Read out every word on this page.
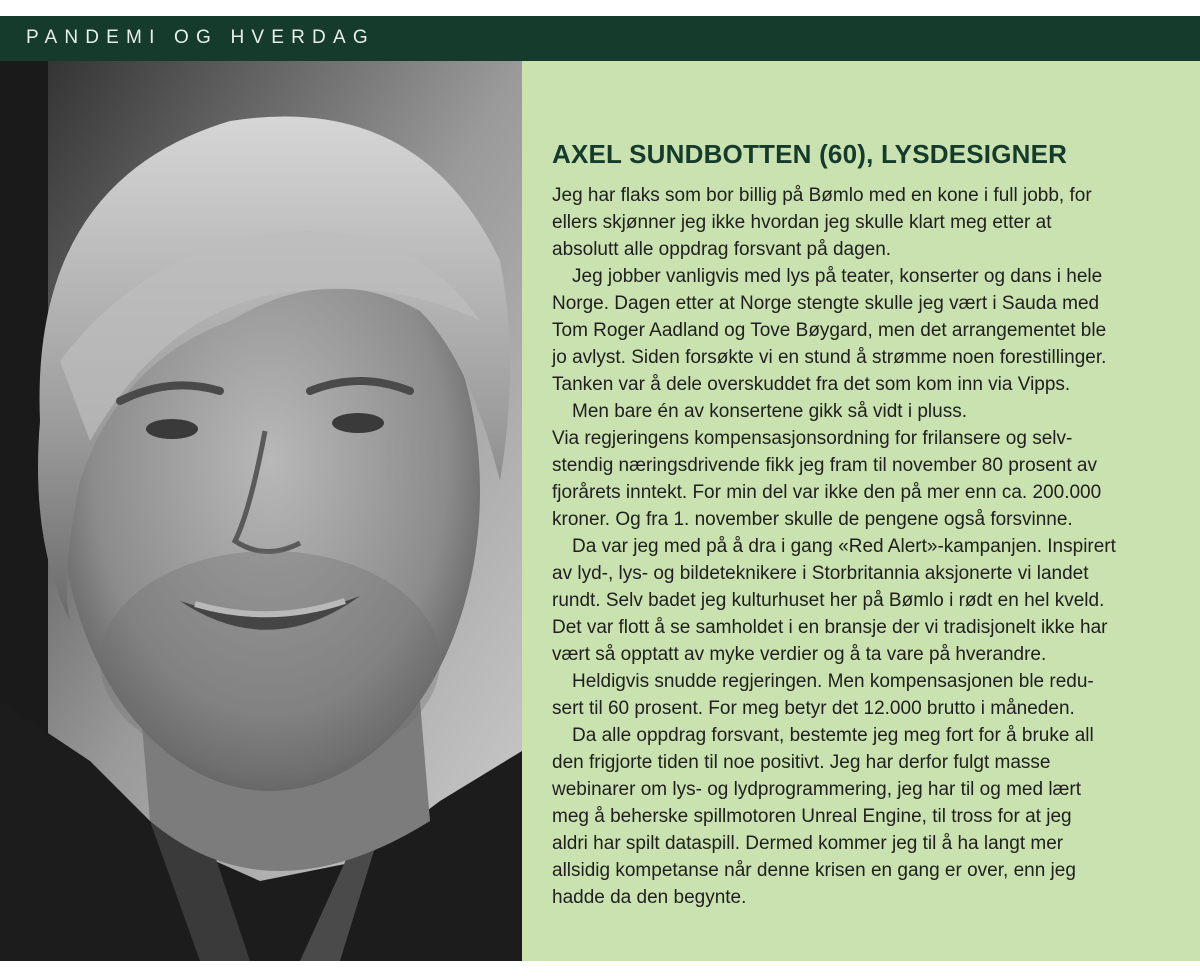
PANDEMI OG HVERDAG
AXEL SUNDBOTTEN (60), LYSDESIGNER
Jeg har flaks som bor billig på Bømlo med en kone i full jobb, for
ellers skjønner jeg ikke hvordan jeg skulle klart meg etter at
absolutt alle oppdrag forsvant på dagen.
Jeg jobber vanligvis med lys på teater, konserter og dans i hele
Norge. Dagen etter at Norge stengte skulle jeg vært i Sauda med
Tom Roger Aadland og Tove Bøygard, men det arrangementet ble
jo avlyst. Siden forsøkte vi en stund å strømme noen forestillinger.
Tanken var å dele overskuddet fra det som kom inn via Vipps.
Men bare én av konsertene gikk så vidt i pluss.
Via regjeringens kompensasjonsordning for frilansere og selv-
stendig næringsdrivende fikk jeg fram til november 80 prosent av
fjorårets inntekt. For min del var ikke den på mer enn ca. 200.000
kroner. Og fra 1. november skulle de pengene også forsvinne.
Da var jeg med på å dra i gang «Red Alert»-kampanjen. Inspirert
av lyd-, lys- og bildeteknikere i Storbritannia aksjonerte vi landet
rundt. Selv badet jeg kulturhuset her på Bømlo i rødt en hel kveld.
Det var flott å se samholdet i en bransje der vi tradisjonelt ikke har
vært så opptatt av myke verdier og å ta vare på hverandre.
Heldigvis snudde regjeringen. Men kompensasjonen ble redu-
sert til 60 prosent. For meg betyr det 12.000 brutto i måneden.
Da alle oppdrag forsvant, bestemte jeg meg fort for å bruke all
den frigjorte tiden til noe positivt. Jeg har derfor fulgt masse
webinarer om lys- og lydprogrammering, jeg har til og med lært
meg å beherske spillmotoren Unreal Engine, til tross for at jeg
aldri har spilt dataspill. Dermed kommer jeg til å ha langt mer
allsidig kompetanse når denne krisen en gang er over, enn jeg
hadde da den begynte.
